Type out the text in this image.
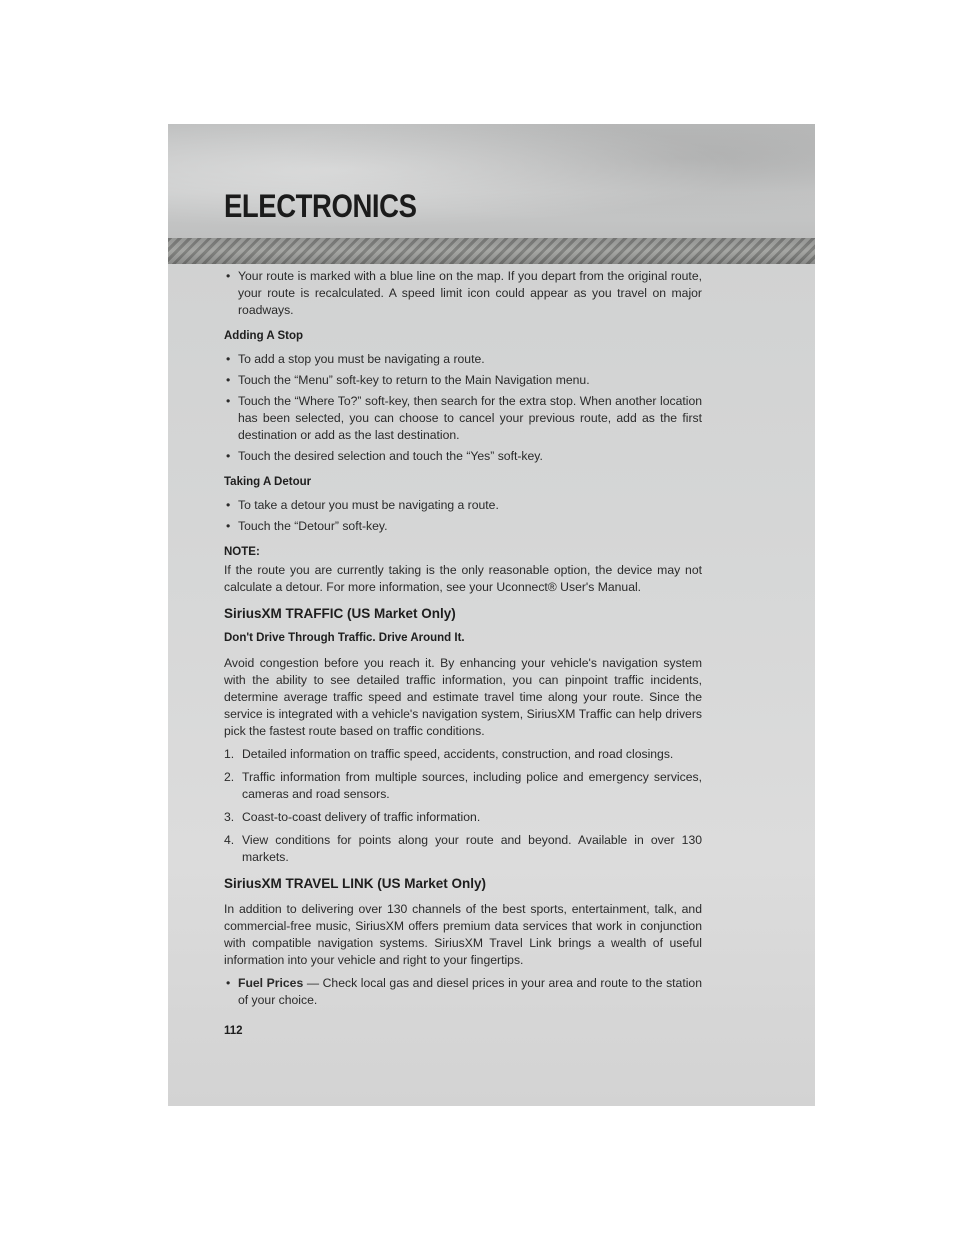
ELECTRONICS
• Your route is marked with a blue line on the map. If you depart from the original route, your route is recalculated. A speed limit icon could appear as you travel on major roadways.

Adding A Stop

• To add a stop you must be navigating a route.
• Touch the “Menu” soft-key to return to the Main Navigation menu.
• Touch the “Where To?” soft-key, then search for the extra stop. When another location has been selected, you can choose to cancel your previous route, add as the first destination or add as the last destination.
• Touch the desired selection and touch the “Yes” soft-key.

Taking A Detour

• To take a detour you must be navigating a route.
• Touch the “Detour” soft-key.

NOTE:

If the route you are currently taking is the only reasonable option, the device may not calculate a detour. For more information, see your Uconnect® User's Manual.

SiriusXM TRAFFIC (US Market Only)

Don't Drive Through Traffic. Drive Around It.

Avoid congestion before you reach it. By enhancing your vehicle's navigation system with the ability to see detailed traffic information, you can pinpoint traffic incidents, determine average traffic speed and estimate travel time along your route. Since the service is integrated with a vehicle's navigation system, SiriusXM Traffic can help drivers pick the fastest route based on traffic conditions.

1. Detailed information on traffic speed, accidents, construction, and road closings.
2. Traffic information from multiple sources, including police and emergency services, cameras and road sensors.
3. Coast-to-coast delivery of traffic information.
4. View conditions for points along your route and beyond. Available in over 130 markets.

SiriusXM TRAVEL LINK (US Market Only)

In addition to delivering over 130 channels of the best sports, entertainment, talk, and commercial-free music, SiriusXM offers premium data services that work in conjunction with compatible navigation systems. SiriusXM Travel Link brings a wealth of useful information into your vehicle and right to your fingertips.

• Fuel Prices — Check local gas and diesel prices in your area and route to the station of your choice.

112
